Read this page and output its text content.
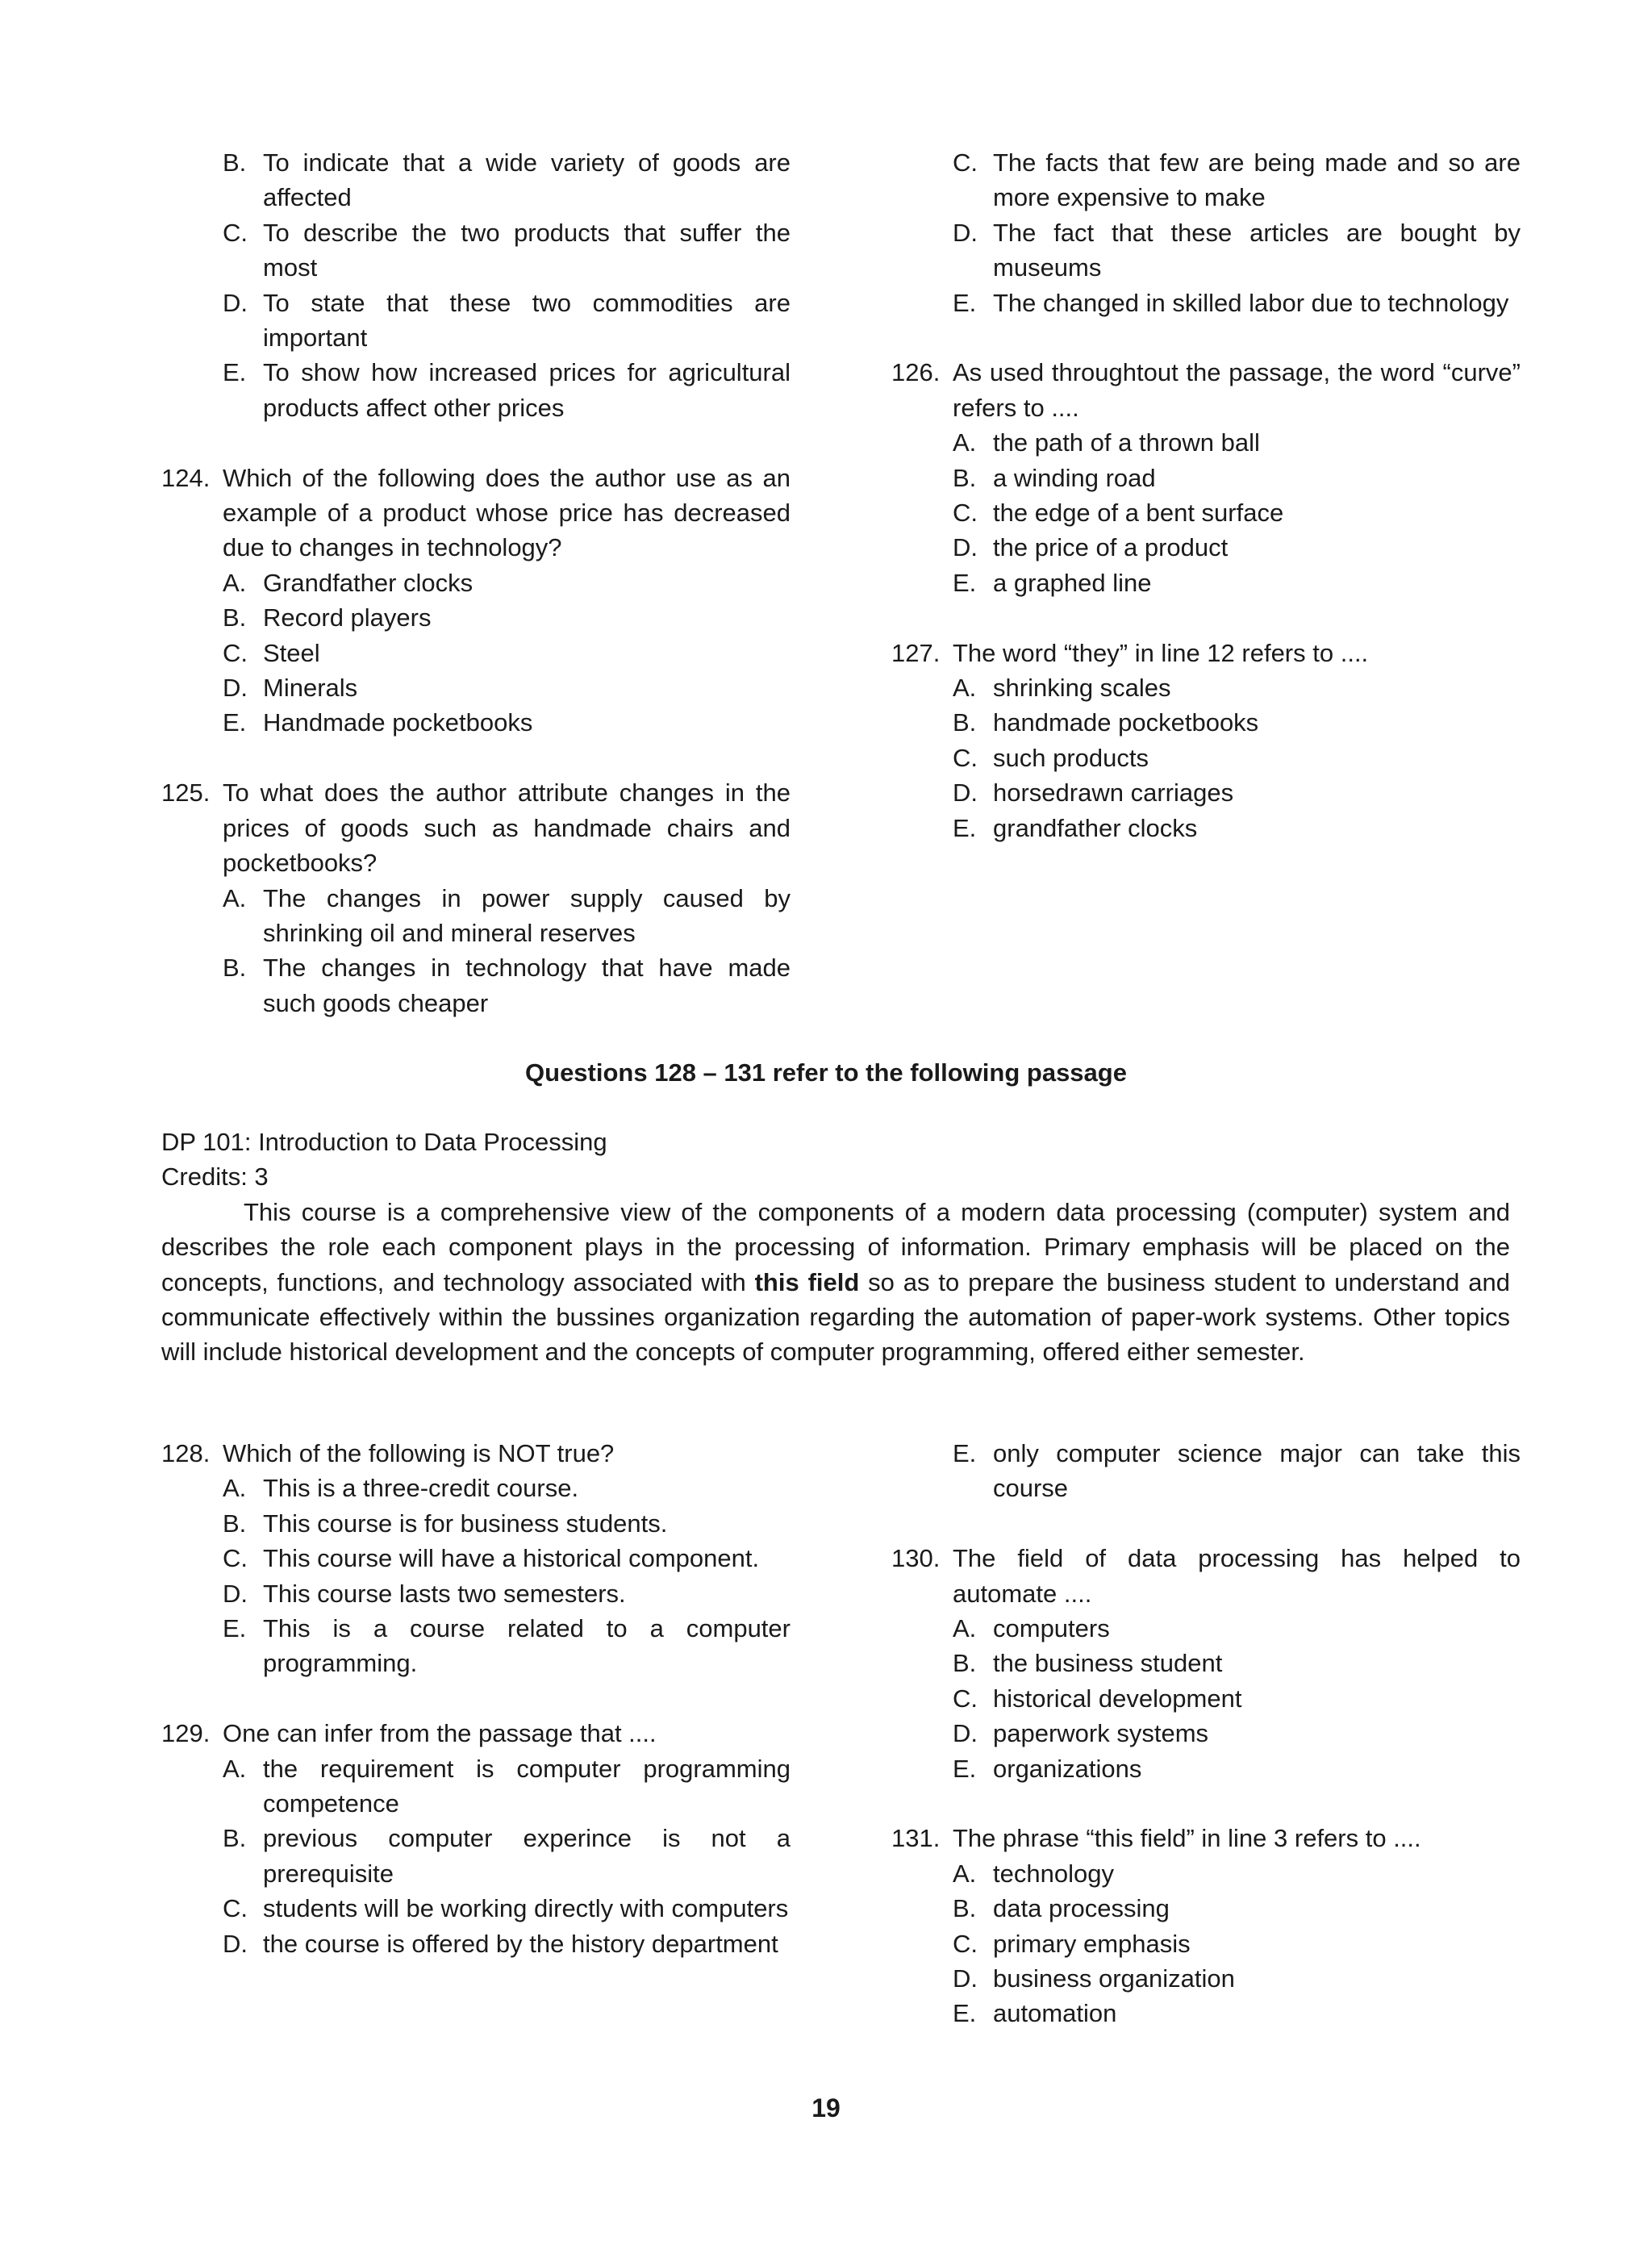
B. To indicate that a wide variety of goods are affected
C. To describe the two products that suffer the most
D. To state that these two commodities are important
E. To show how increased prices for agricultural products affect other prices
124. Which of the following does the author use as an example of a product whose price has decreased due to changes in technology?
A. Grandfather clocks
B. Record players
C. Steel
D. Minerals
E. Handmade pocketbooks
125. To what does the author attribute changes in the prices of goods such as handmade chairs and pocketbooks?
A. The changes in power supply caused by shrinking oil and mineral reserves
B. The changes in technology that have made such goods cheaper
C. The facts that few are being made and so are more expensive to make
D. The fact that these articles are bought by museums
E. The changed in skilled labor due to technology
126. As used throughtout the passage, the word “curve” refers to ....
A. the path of a thrown ball
B. a winding road
C. the edge of a bent surface
D. the price of a product
E. a graphed line
127. The word “they” in line 12 refers to ....
A. shrinking scales
B. handmade pocketbooks
C. such products
D. horsedrawn carriages
E. grandfather clocks
Questions 128 – 131 refer to the following passage
DP 101: Introduction to Data Processing
Credits: 3

This course is a comprehensive view of the components of a modern data processing (computer) system and describes the role each component plays in the processing of information. Primary emphasis will be placed on the concepts, functions, and technology associated with this field so as to prepare the business student to understand and communicate effectively within the bussines organization regarding the automation of paper-work systems. Other topics will include historical development and the concepts of computer programming, offered either semester.

128. Which of the following is NOT true?
A. This is a three-credit course.
B. This course is for business students.
C. This course will have a historical component.
D. This course lasts two semesters.
E. This is a course related to a computer programming.
129. One can infer from the passage that ....
A. the requirement is computer programming competence
B. previous computer experince is not a prerequisite
C. students will be working directly with computers
D. the course is offered by the history department
E. only computer science major can take this course
130. The field of data processing has helped to automate ....
A. computers
B. the business student
C. historical development
D. paperwork systems
E. organizations
131. The phrase “this field” in line 3 refers to ....
A. technology
B. data processing
C. primary emphasis
D. business organization
E. automation
19
